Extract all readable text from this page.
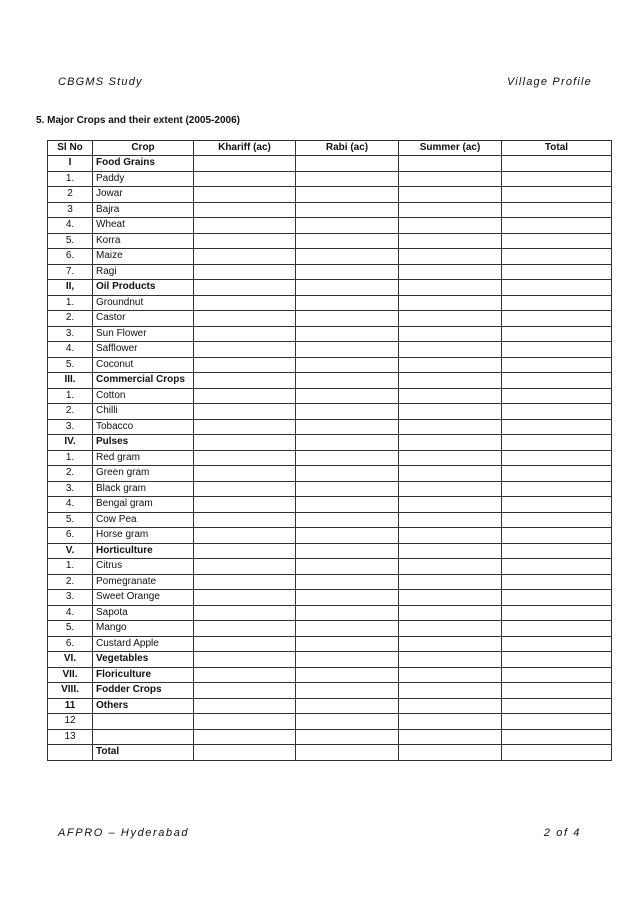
CBGMS Study	Village Profile
5. Major Crops and their extent (2005-2006)
Sl No	Crop	Khariff (ac)	Rabi (ac)	Summer (ac)	Total
I	Food Grains				
1.	Paddy				
2	Jowar				
3	Bajra				
4.	Wheat				
5.	Korra				
6.	Maize				
7.	Ragi				
II,	Oil Products				
1.	Groundnut				
2.	Castor				
3.	Sun Flower				
4.	Safflower				
5.	Coconut				
III.	Commercial Crops				
1.	Cotton				
2.	Chilli				
3.	Tobacco				
IV.	Pulses				
1.	Red gram				
2.	Green gram				
3.	Black gram				
4.	Bengal gram				
5.	Cow Pea				
6.	Horse gram				
V.	Horticulture				
1.	Citrus				
2.	Pomegranate				
3.	Sweet Orange				
4.	Sapota				
5.	Mango				
6.	Custard Apple				
VI.	Vegetables				
VII.	Floriculture				
VIII.	Fodder Crops				
11	Others				
12					
13					
	Total				
AFPRO – Hyderabad	2 of 4
